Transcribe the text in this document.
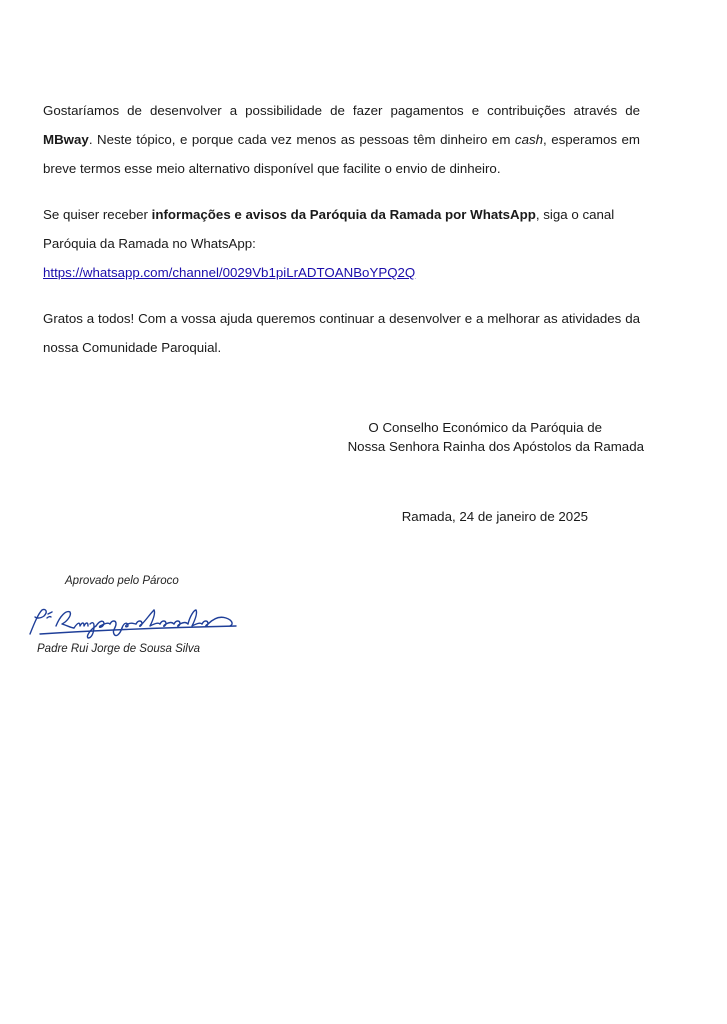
Gostaríamos de desenvolver a possibilidade de fazer pagamentos e contribuições através de MBway. Neste tópico, e porque cada vez menos as pessoas têm dinheiro em cash, esperamos em breve termos esse meio alternativo disponível que facilite o envio de dinheiro.

Se quiser receber informações e avisos da Paróquia da Ramada por WhatsApp, siga o canal Paróquia da Ramada no WhatsApp:
https://whatsapp.com/channel/0029Vb1piLrADTOANBoYPQ2Q

Gratos a todos! Com a vossa ajuda queremos continuar a desenvolver e a melhorar as atividades da nossa Comunidade Paroquial.

O Conselho Económico da Paróquia de
Nossa Senhora Rainha dos Apóstolos da Ramada
Ramada, 24 de janeiro de 2025
Aprovado pelo Pároco
Padre Rui Jorge de Sousa Silva
